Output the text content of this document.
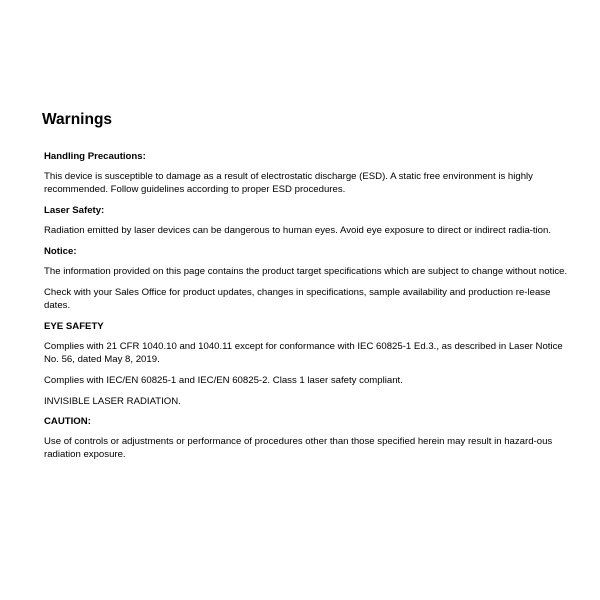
Warnings

Handling Precautions:

This device is susceptible to damage as a result of electrostatic discharge (ESD). A static free environment is highly recommended. Follow guidelines according to proper ESD procedures.

Laser Safety:

Radiation emitted by laser devices can be dangerous to human eyes. Avoid eye exposure to direct or indirect radia-tion.

Notice:

The information provided on this page contains the product target specifications which are subject to change without notice.

Check with your Sales Office for product updates, changes in specifications, sample availability and production re-lease dates.

EYE SAFETY

Complies with 21 CFR 1040.10 and 1040.11 except for conformance with IEC 60825-1 Ed.3., as described in Laser Notice No. 56, dated May 8, 2019.

Complies with IEC/EN 60825-1 and IEC/EN 60825-2. Class 1 laser safety compliant.

INVISIBLE LASER RADIATION.

CAUTION:

Use of controls or adjustments or performance of procedures other than those specified herein may result in hazard-ous radiation exposure.
